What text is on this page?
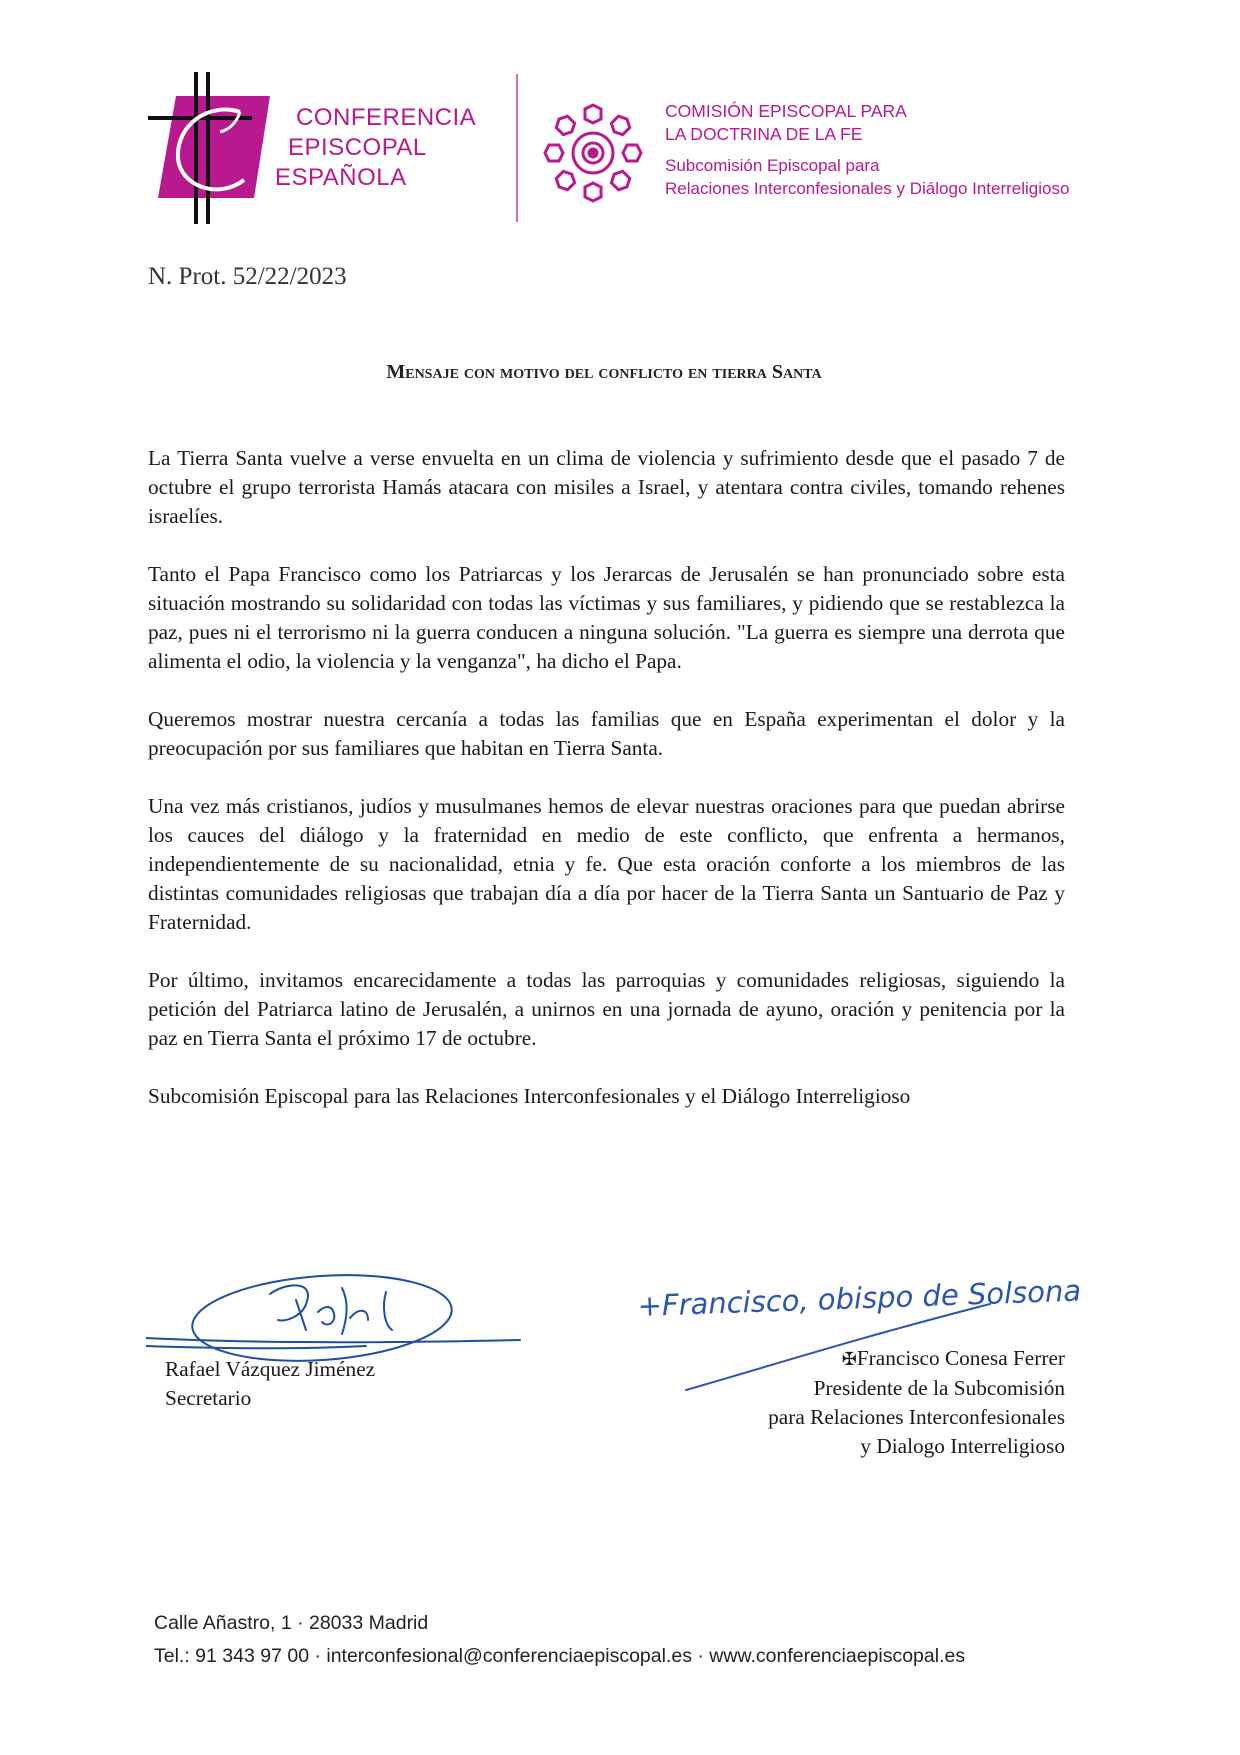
CONFERENCIA
EPISCOPAL
ESPAÑOLA
COMISIÓN EPISCOPAL PARA
LA DOCTRINA DE LA FE
Subcomisión Episcopal para
Relaciones Interconfesionales y Diálogo Interreligioso
N. Prot. 52/22/2023
Mensaje con motivo del conflicto en tierra Santa

La Tierra Santa vuelve a verse envuelta en un clima de violencia y sufrimiento desde que el pasado 7 de octubre el grupo terrorista Hamás atacara con misiles a Israel, y atentara contra civiles, tomando rehenes israelíes.

Tanto el Papa Francisco como los Patriarcas y los Jerarcas de Jerusalén se han pronunciado sobre esta situación mostrando su solidaridad con todas las víctimas y sus familiares, y pidiendo que se restablezca la paz, pues ni el terrorismo ni la guerra conducen a ninguna solución. "La guerra es siempre una derrota que alimenta el odio, la violencia y la venganza", ha dicho el Papa.

Queremos mostrar nuestra cercanía a todas las familias que en España experimentan el dolor y la preocupación por sus familiares que habitan en Tierra Santa.

Una vez más cristianos, judíos y musulmanes hemos de elevar nuestras oraciones para que puedan abrirse los cauces del diálogo y la fraternidad en medio de este conflicto, que enfrenta a hermanos, independientemente de su nacionalidad, etnia y fe. Que esta oración conforte a los miembros de las distintas comunidades religiosas que trabajan día a día por hacer de la Tierra Santa un Santuario de Paz y Fraternidad.

Por último, invitamos encarecidamente a todas las parroquias y comunidades religiosas, siguiendo la petición del Patriarca latino de Jerusalén, a unirnos en una jornada de ayuno, oración y penitencia por la paz en Tierra Santa el próximo 17 de octubre.

Subcomisión Episcopal para las Relaciones Interconfesionales y el Diálogo Interreligioso

Rafael Vázquez Jiménez
Secretario
+Francisco, obispo de Solsona
✠Francisco Conesa Ferrer
Presidente de la Subcomisión
para Relaciones Interconfesionales
y Dialogo Interreligioso
Calle Añastro, 1 · 28033 Madrid
Tel.: 91 343 97 00 · interconfesional@conferenciaepiscopal.es · www.conferenciaepiscopal.es
